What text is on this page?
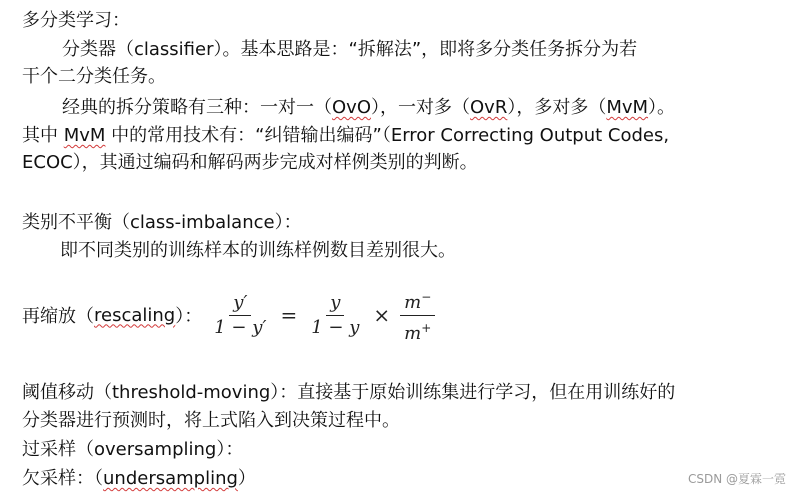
多分类学习：
分类器（classifier）。基本思路是：“拆解法”，即将多分类任务拆分为若
干个二分类任务。
经典的拆分策略有三种：一对一（OvO），一对多（OvR），多对多（MvM）。
其中 MvM 中的常用技术有：“纠错输出编码”（Error Correcting Output Codes,
ECOC），其通过编码和解码两步完成对样例类别的判断。
类别不平衡（class-imbalance）：
即不同类别的训练样本的训练样例数目差别很大。
再缩放（ rescaling ）： $\frac{y'}{1 - y'} = \frac{y}{1 - y} \times \frac{m^-}{m^+}$
阈值移动（threshold-moving）：直接基于原始训练集进行学习，但在用训练好的
分类器进行预测时，将上式陷入到决策过程中。
过采样（oversampling）：
欠采样：（undersampling）	CSDN @夏霖一霓
